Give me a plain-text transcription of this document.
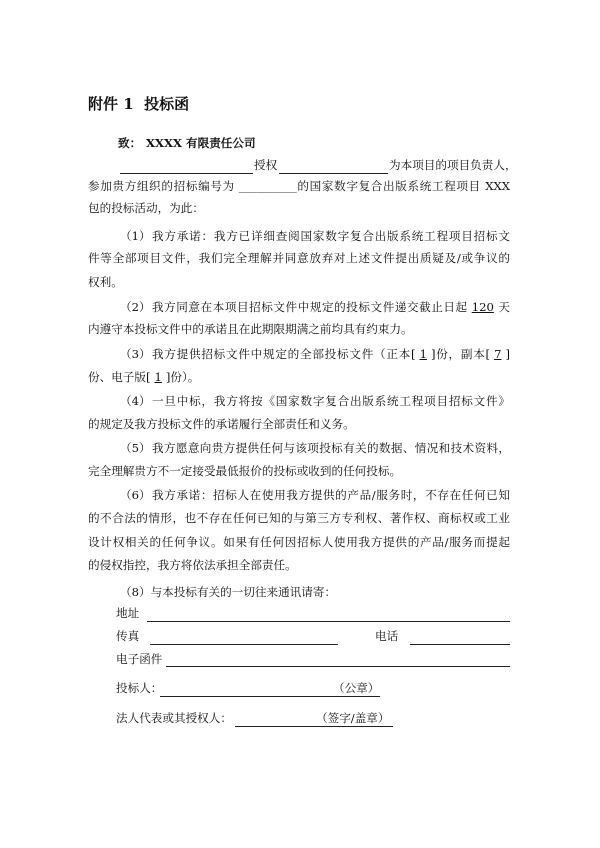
附件 1  投标函
致： XXXX 有限责任公司
授权	为本项目的项目负责人，
参加贵方组织的招标编号为 __________的国家数字复合出版系统工程项目 XXX
包的投标活动，为此：
（1） 我方承诺：我方已详细查阅国家数字复合出版系统工程项目招标文
件等全部项目文件，我们完全理解并同意放弃对上述文件提出质疑及/或争议的
权利。
（2） 我方同意在本项目招标文件中规定的投标文件递交截止日起 120 天
内遵守本投标文件中的承诺且在此期限期满之前均具有约束力。
（3） 我方提供招标文件中规定的全部投标文件（正本[ 1 ]份，副本[ 7 ]
份、电子版[ 1 ]份）。
（4） 一旦中标，我方将按《国家数字复合出版系统工程项目招标文件》
的规定及我方投标文件的承诺履行全部责任和义务。
（5） 我方愿意向贵方提供任何与该项投标有关的数据、情况和技术资料，
完全理解贵方不一定接受最低报价的投标或收到的任何投标。
（6） 我方承诺：招标人在使用我方提供的产品/服务时，不存在任何已知
的不合法的情形，也不存在任何已知的与第三方专利权、著作权、商标权或工业
设计权相关的任何争议。如果有任何因招标人使用我方提供的产品/服务而提起
的侵权指控，我方将依法承担全部责任。
（8）与本投标有关的一切往来通讯请寄：
地址
传真	电话
电子函件
投标人：	（公章）
法人代表或其授权人：	（签字/盖章）
